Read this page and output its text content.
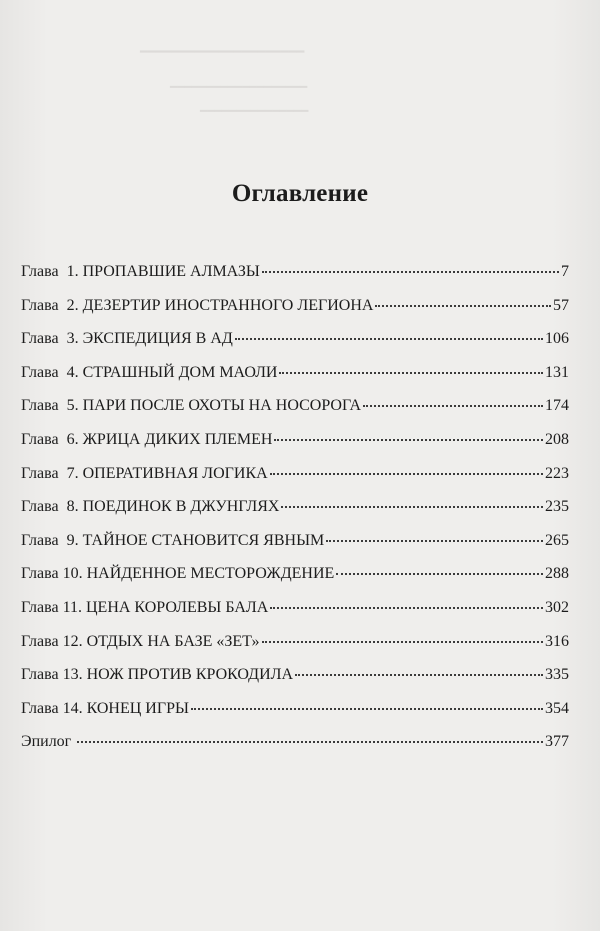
━━━━━━━━━━━━━━━━━━━━━
━━━━━━━━━━━━━━━━━━━
━━━━━━━━━━━━━━━
Оглавление
Глава  1. ПРОПАВШИЕ АЛМАЗЫ	7
Глава  2. ДЕЗЕРТИР ИНОСТРАННОГО ЛЕГИОНА	57
Глава  3. ЭКСПЕДИЦИЯ В АД	106
Глава  4. СТРАШНЫЙ ДОМ МАОЛИ	131
Глава  5. ПАРИ ПОСЛЕ ОХОТЫ НА НОСОРОГА	174
Глава  6. ЖРИЦА ДИКИХ ПЛЕМЕН	208
Глава  7. ОПЕРАТИВНАЯ ЛОГИКА	223
Глава  8. ПОЕДИНОК В ДЖУНГЛЯХ	235
Глава  9. ТАЙНОЕ СТАНОВИТСЯ ЯВНЫМ	265
Глава 10. НАЙДЕННОЕ МЕСТОРОЖДЕНИЕ	288
Глава 11. ЦЕНА КОРОЛЕВЫ БАЛА	302
Глава 12. ОТДЫХ НА БАЗЕ «ЗЕТ»	316
Глава 13. НОЖ ПРОТИВ КРОКОДИЛА	335
Глава 14. КОНЕЦ ИГРЫ	354
Эпилог	377
